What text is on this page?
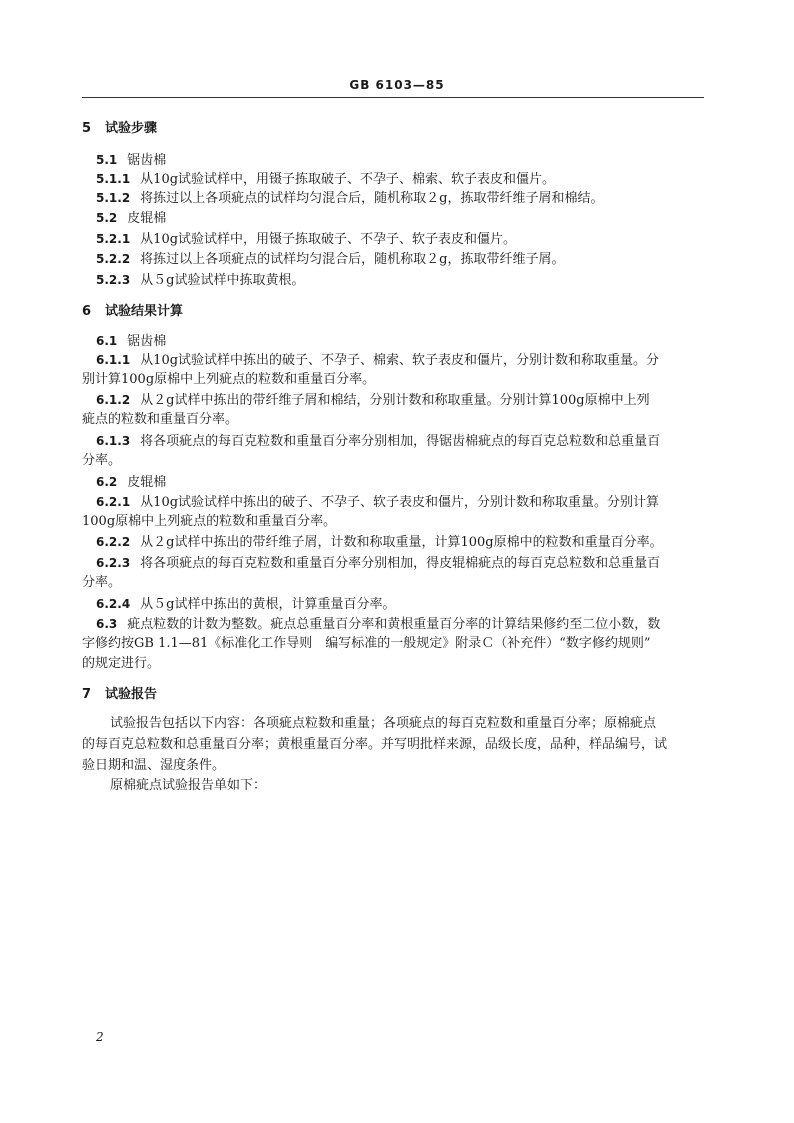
GB 6103—85
5 试验步骤
5.1 锯齿棉
5.1.1 从10g试验试样中，用镊子拣取破子、不孕子、棉索、软子表皮和僵片。
5.1.2 将拣过以上各项疵点的试样均匀混合后，随机称取２g，拣取带纤维子屑和棉结。
5.2 皮辊棉
5.2.1 从10g试验试样中，用镊子拣取破子、不孕子、软子表皮和僵片。
5.2.2 将拣过以上各项疵点的试样均匀混合后，随机称取２g，拣取带纤维子屑。
5.2.3 从５g试验试样中拣取黄根。
6 试验结果计算
6.1 锯齿棉
6.1.1 从10g试验试样中拣出的破子、不孕子、棉索、软子表皮和僵片，分别计数和称取重量。分
别计算100g原棉中上列疵点的粒数和重量百分率。
6.1.2 从２g试样中拣出的带纤维子屑和棉结，分别计数和称取重量。分别计算100g原棉中上列
疵点的粒数和重量百分率。
6.1.3 将各项疵点的每百克粒数和重量百分率分别相加，得锯齿棉疵点的每百克总粒数和总重量百
分率。
6.2 皮辊棉
6.2.1 从10g试验试样中拣出的破子、不孕子、软子表皮和僵片，分别计数和称取重量。分别计算
100g原棉中上列疵点的粒数和重量百分率。
6.2.2 从２g试样中拣出的带纤维子屑，计数和称取重量，计算100g原棉中的粒数和重量百分率。
6.2.3 将各项疵点的每百克粒数和重量百分率分别相加，得皮辊棉疵点的每百克总粒数和总重量百
分率。
6.2.4 从５g试样中拣出的黄根，计算重量百分率。
6.3 疵点粒数的计数为整数。疵点总重量百分率和黄根重量百分率的计算结果修约至二位小数，数
字修约按GB 1.1—81《标准化工作导则　编写标准的一般规定》附录Ｃ（补充件）“数字修约规则”
的规定进行。
7 试验报告
试验报告包括以下内容：各项疵点粒数和重量；各项疵点的每百克粒数和重量百分率；原棉疵点
的每百克总粒数和总重量百分率；黄根重量百分率。并写明批样来源，品级长度，品种，样品编号，试
验日期和温、湿度条件。
原棉疵点试验报告单如下：
2
